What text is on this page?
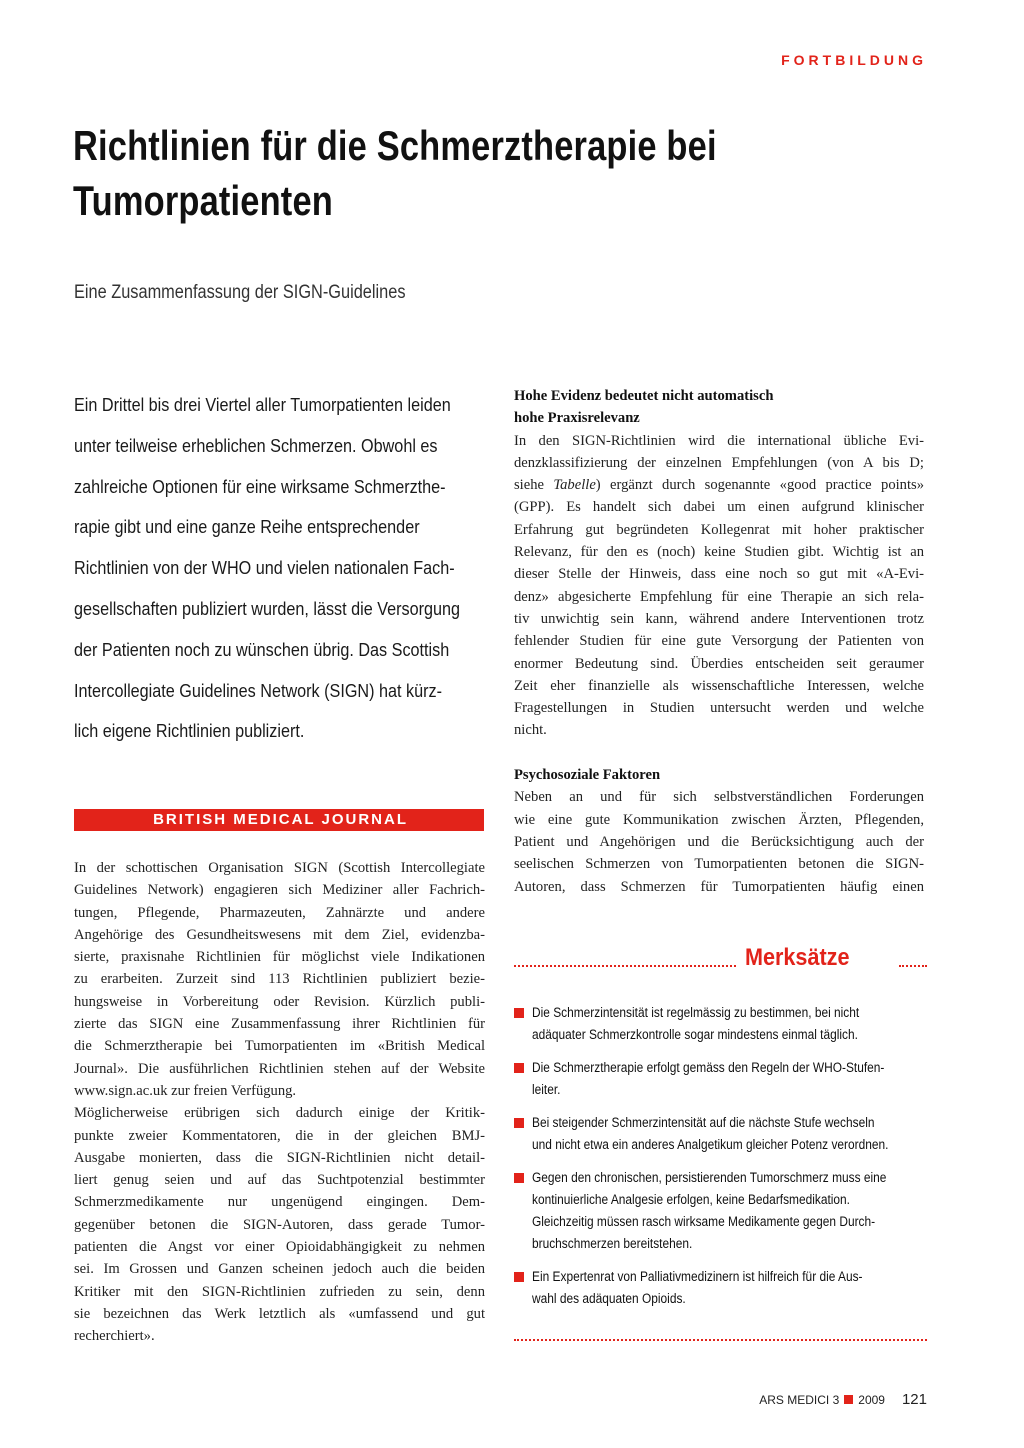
FORTBILDUNG
Richtlinien für die Schmerztherapie bei Tumorpatienten

Eine Zusammenfassung der SIGN-Guidelines

Ein Drittel bis drei Viertel aller Tumorpatienten leiden
unter teilweise erheblichen Schmerzen. Obwohl es
zahlreiche Optionen für eine wirksame Schmerzthe-
rapie gibt und eine ganze Reihe entsprechender
Richtlinien von der WHO und vielen nationalen Fach-
gesellschaften publiziert wurden, lässt die Versorgung
der Patienten noch zu wünschen übrig. Das Scottish
Intercollegiate Guidelines Network (SIGN) hat kürz-
lich eigene Richtlinien publiziert.

BRITISH MEDICAL JOURNAL
In der schottischen Organisation SIGN (Scottish Intercollegiate
Guidelines Network) engagieren sich Mediziner aller Fachrich-
tungen, Pflegende, Pharmazeuten, Zahnärzte und andere
Angehörige des Gesundheitswesens mit dem Ziel, evidenzba-
sierte, praxisnahe Richtlinien für möglichst viele Indikationen
zu erarbeiten. Zurzeit sind 113 Richtlinien publiziert bezie-
hungsweise in Vorbereitung oder Revision. Kürzlich publi-
zierte das SIGN eine Zusammenfassung ihrer Richtlinien für
die Schmerztherapie bei Tumorpatienten im «British Medical
Journal». Die ausführlichen Richtlinien stehen auf der Website
www.sign.ac.uk zur freien Verfügung.
Möglicherweise erübrigen sich dadurch einige der Kritik-
punkte zweier Kommentatoren, die in der gleichen BMJ-
Ausgabe monierten, dass die SIGN-Richtlinien nicht detail-
liert genug seien und auf das Suchtpotenzial bestimmter
Schmerzmedikamente nur ungenügend eingingen. Dem-
gegenüber betonen die SIGN-Autoren, dass gerade Tumor-
patienten die Angst vor einer Opioidabhängigkeit zu nehmen
sei. Im Grossen und Ganzen scheinen jedoch auch die beiden
Kritiker mit den SIGN-Richtlinien zufrieden zu sein, denn
sie bezeichnen das Werk letztlich als «umfassend und gut
recherchiert».
Hohe Evidenz bedeutet nicht automatisch
hohe Praxisrelevanz
In den SIGN-Richtlinien wird die international übliche Evi-
denzklassifizierung der einzelnen Empfehlungen (von A bis D;
siehe Tabelle) ergänzt durch sogenannte «good practice points»
(GPP). Es handelt sich dabei um einen aufgrund klinischer
Erfahrung gut begründeten Kollegenrat mit hoher praktischer
Relevanz, für den es (noch) keine Studien gibt. Wichtig ist an
dieser Stelle der Hinweis, dass eine noch so gut mit «A-Evi-
denz» abgesicherte Empfehlung für eine Therapie an sich rela-
tiv unwichtig sein kann, während andere Interventionen trotz
fehlender Studien für eine gute Versorgung der Patienten von
enormer Bedeutung sind. Überdies entscheiden seit geraumer
Zeit eher finanzielle als wissenschaftliche Interessen, welche
Fragestellungen in Studien untersucht werden und welche
nicht.
Psychosoziale Faktoren
Neben an und für sich selbstverständlichen Forderungen
wie eine gute Kommunikation zwischen Ärzten, Pflegenden,
Patient und Angehörigen und die Berücksichtigung auch der
seelischen Schmerzen von Tumorpatienten betonen die SIGN-
Autoren, dass Schmerzen für Tumorpatienten häufig einen
Merksätze
Die Schmerzintensität ist regelmässig zu bestimmen, bei nicht
adäquater Schmerzkontrolle sogar mindestens einmal täglich.
Die Schmerztherapie erfolgt gemäss den Regeln der WHO-Stufen-
leiter.
Bei steigender Schmerzintensität auf die nächste Stufe wechseln
und nicht etwa ein anderes Analgetikum gleicher Potenz verordnen.
Gegen den chronischen, persistierenden Tumorschmerz muss eine
kontinuierliche Analgesie erfolgen, keine Bedarfsmedikation.
Gleichzeitig müssen rasch wirksame Medikamente gegen Durch-
bruchschmerzen bereitstehen.
Ein Expertenrat von Palliativmedizinern ist hilfreich für die Aus-
wahl des adäquaten Opioids.
ARS MEDICI 3 2009 121
